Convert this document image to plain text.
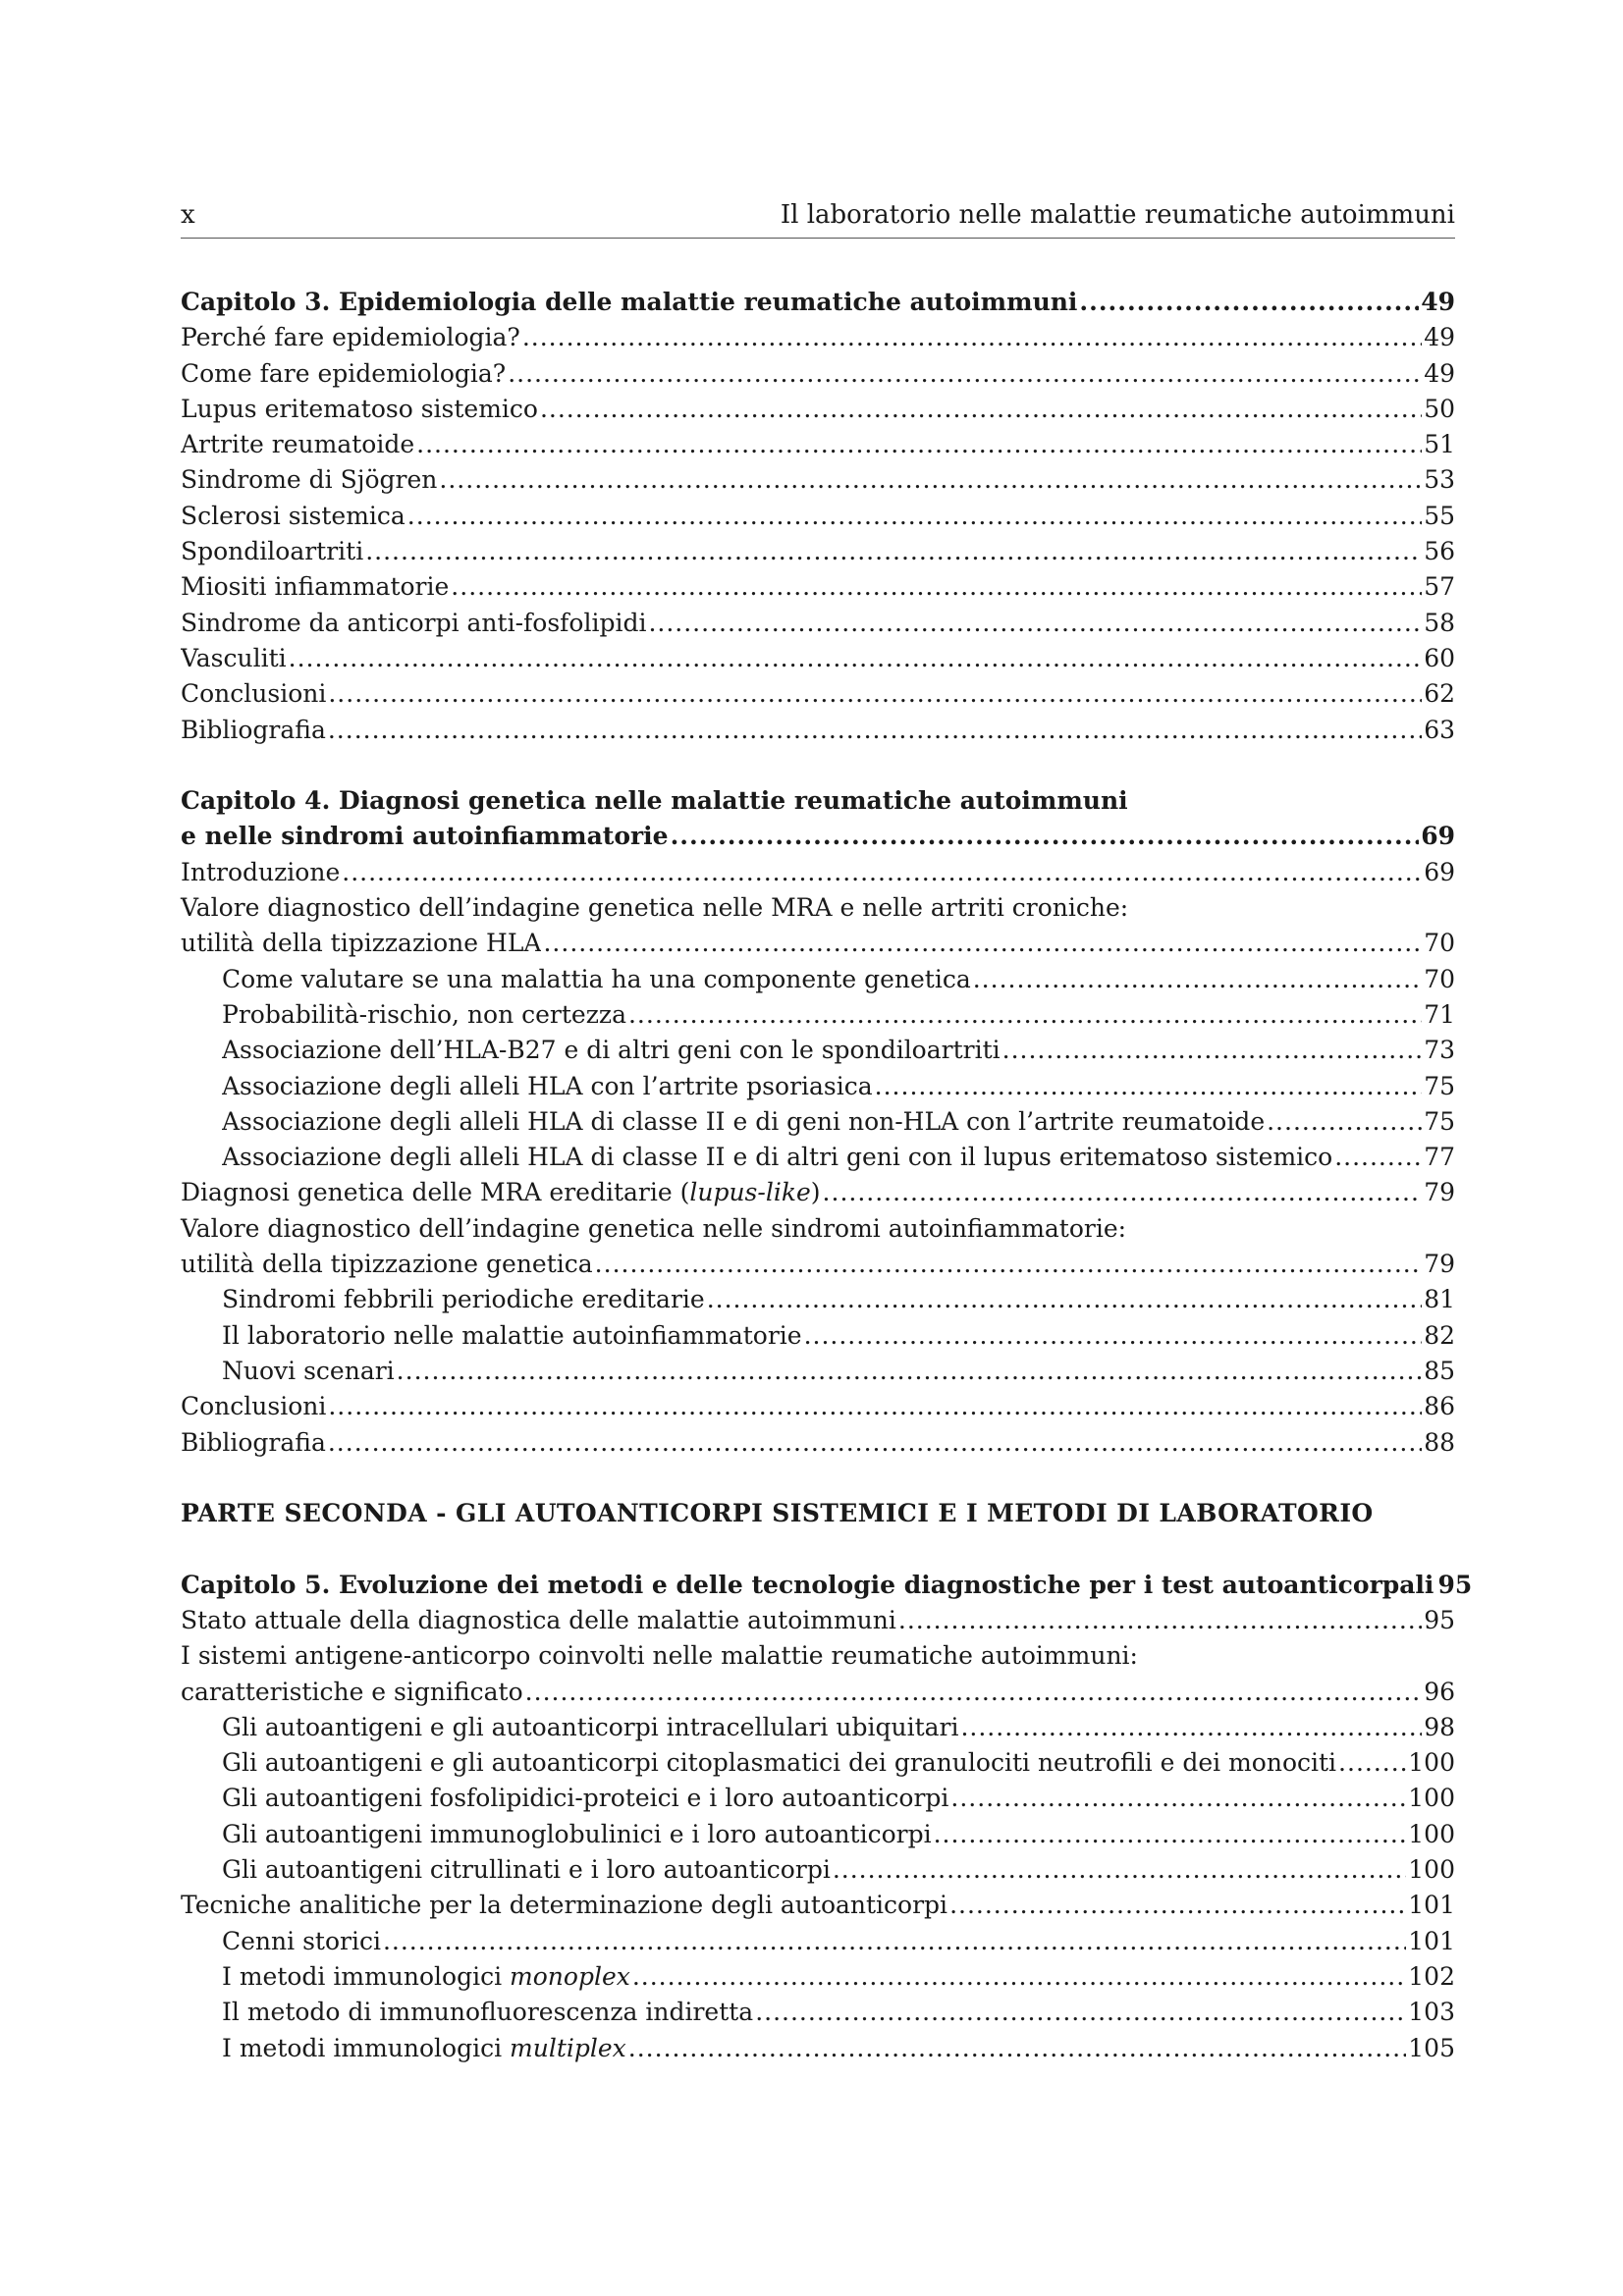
x	Il laboratorio nelle malattie reumatiche autoimmuni
Capitolo 3. Epidemiologia delle malattie reumatiche autoimmuni .....	49
Perché fare epidemiologia? .....	49
Come fare epidemiologia? .....	49
Lupus eritematoso sistemico .....	50
Artrite reumatoide .....	51
Sindrome di Sjögren .....	53
Sclerosi sistemica .....	55
Spondiloartriti .....	56
Miositi infiammatorie .....	57
Sindrome da anticorpi anti-fosfolipidi .....	58
Vasculiti .....	60
Conclusioni .....	62
Bibliografia .....	63
Capitolo 4. Diagnosi genetica nelle malattie reumatiche autoimmuni
e nelle sindromi autoinfiammatorie .....	69
Introduzione .....	69
Valore diagnostico dell’indagine genetica nelle MRA e nelle artriti croniche:
utilità della tipizzazione HLA .....	70
Come valutare se una malattia ha una componente genetica .....	70
Probabilità-rischio, non certezza .....	71
Associazione dell’HLA-B27 e di altri geni con le spondiloartriti .....	73
Associazione degli alleli HLA con l’artrite psoriasica .....	75
Associazione degli alleli HLA di classe II e di geni non-HLA con l’artrite reumatoide .....	75
Associazione degli alleli HLA di classe II e di altri geni con il lupus eritematoso sistemico .....	77
Diagnosi genetica delle MRA ereditarie (lupus-like) .....	79
Valore diagnostico dell’indagine genetica nelle sindromi autoinfiammatorie:
utilità della tipizzazione genetica .....	79
Sindromi febbrili periodiche ereditarie .....	81
Il laboratorio nelle malattie autoinfiammatorie .....	82
Nuovi scenari .....	85
Conclusioni .....	86
Bibliografia .....	88
PARTE SECONDA - GLI AUTOANTICORPI SISTEMICI E I METODI DI LABORATORIO
Capitolo 5. Evoluzione dei metodi e delle tecnologie diagnostiche per i test autoanticorpali 95
Stato attuale della diagnostica delle malattie autoimmuni .....	95
I sistemi antigene-anticorpo coinvolti nelle malattie reumatiche autoimmuni:
caratteristiche e significato .....	96
Gli autoantigeni e gli autoanticorpi intracellulari ubiquitari .....	98
Gli autoantigeni e gli autoanticorpi citoplasmatici dei granulociti neutrofili e dei monociti .....	100
Gli autoantigeni fosfolipidici-proteici e i loro autoanticorpi .....	100
Gli autoantigeni immunoglobulinici e i loro autoanticorpi .....	100
Gli autoantigeni citrullinati e i loro autoanticorpi .....	100
Tecniche analitiche per la determinazione degli autoanticorpi .....	101
Cenni storici .....	101
I metodi immunologici monoplex .....	102
Il metodo di immunofluorescenza indiretta .....	103
I metodi immunologici multiplex .....	105
